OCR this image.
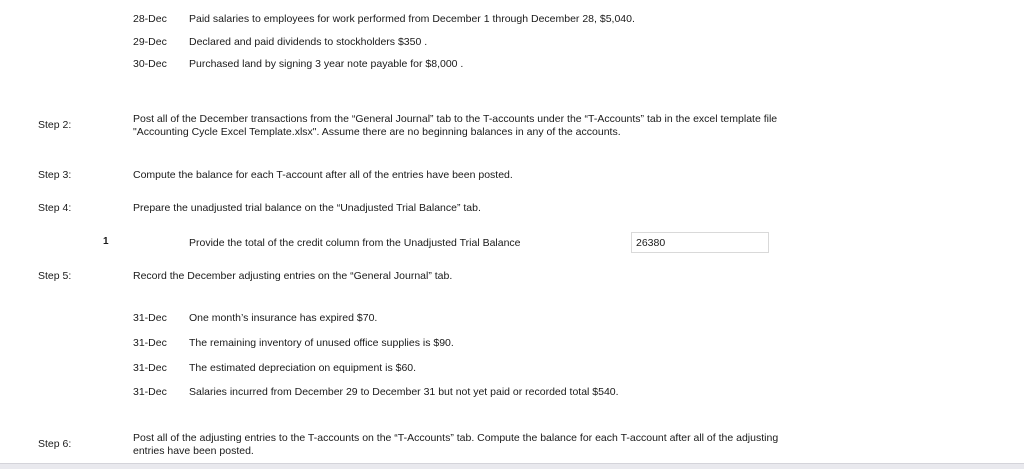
28-Dec Paid salaries to employees for work performed from December 1 through December 28, $5,040.
29-Dec Declared and paid dividends to stockholders $350 .
30-Dec Purchased land by signing 3 year note payable for $8,000 .
Step 2:	Post all of the December transactions from the “General Journal” tab to the T-accounts under the “T-Accounts” tab in the excel template file
"Accounting Cycle Excel Template.xlsx". Assume there are no beginning balances in any of the accounts.
Step 3:	Compute the balance for each T-account after all of the entries have been posted.
Step 4:	Prepare the unadjusted trial balance on the “Unadjusted Trial Balance” tab.
1	Provide the total of the credit column from the Unadjusted Trial Balance
26380
Step 5:	Record the December adjusting entries on the “General Journal” tab.
31-Dec One month’s insurance has expired $70.
31-Dec The remaining inventory of unused office supplies is $90.
31-Dec The estimated depreciation on equipment is $60.
31-Dec Salaries incurred from December 29 to December 31 but not yet paid or recorded total $540.
Step 6:	Post all of the adjusting entries to the T-accounts on the “T-Accounts” tab. Compute the balance for each T-account after all of the adjusting
entries have been posted.
